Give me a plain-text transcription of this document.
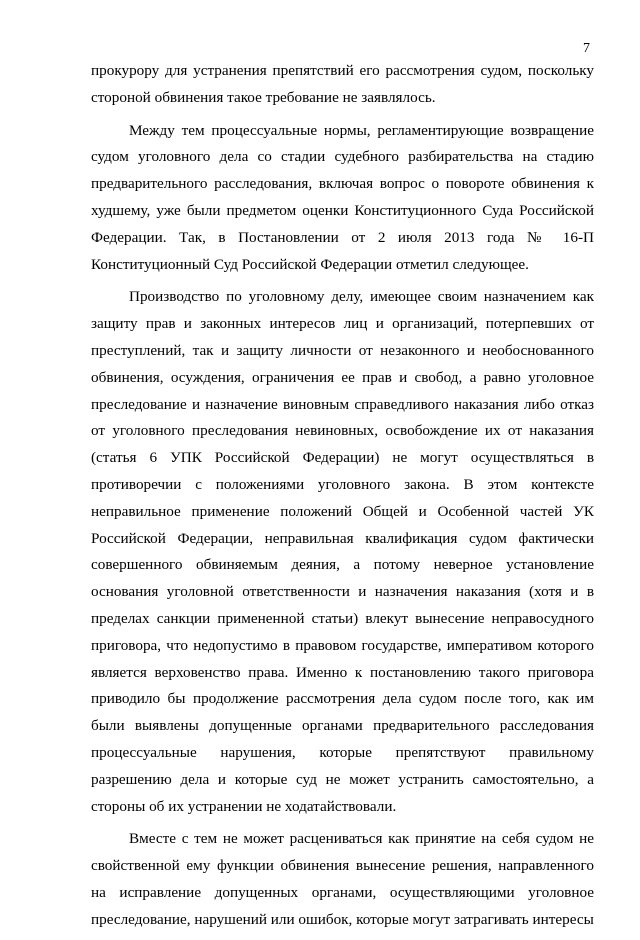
7

прокурору для устранения препятствий его рассмотрения судом, поскольку стороной обвинения такое требование не заявлялось.

Между тем процессуальные нормы, регламентирующие возвращение судом уголовного дела со стадии судебного разбирательства на стадию предварительного расследования, включая вопрос о повороте обвинения к худшему, уже были предметом оценки Конституционного Суда Российской Федерации. Так, в Постановлении от 2 июля 2013 года № 16-П Конституционный Суд Российской Федерации отметил следующее.

Производство по уголовному делу, имеющее своим назначением как защиту прав и законных интересов лиц и организаций, потерпевших от преступлений, так и защиту личности от незаконного и необоснованного обвинения, осуждения, ограничения ее прав и свобод, а равно уголовное преследование и назначение виновным справедливого наказания либо отказ от уголовного преследования невиновных, освобождение их от наказания (статья 6 УПК Российской Федерации) не могут осуществляться в противоречии с положениями уголовного закона. В этом контексте неправильное применение положений Общей и Особенной частей УК Российской Федерации, неправильная квалификация судом фактически совершенного обвиняемым деяния, а потому неверное установление основания уголовной ответственности и назначения наказания (хотя и в пределах санкции примененной статьи) влекут вынесение неправосудного приговора, что недопустимо в правовом государстве, императивом которого является верховенство права. Именно к постановлению такого приговора приводило бы продолжение рассмотрения дела судом после того, как им были выявлены допущенные органами предварительного расследования процессуальные нарушения, которые препятствуют правильному разрешению дела и которые суд не может устранить самостоятельно, а стороны об их устранении не ходатайствовали.

Вместе с тем не может расцениваться как принятие на себя судом не свойственной ему функции обвинения вынесение решения, направленного на исправление допущенных органами, осуществляющими уголовное преследование, нарушений или ошибок, которые могут затрагивать интересы
